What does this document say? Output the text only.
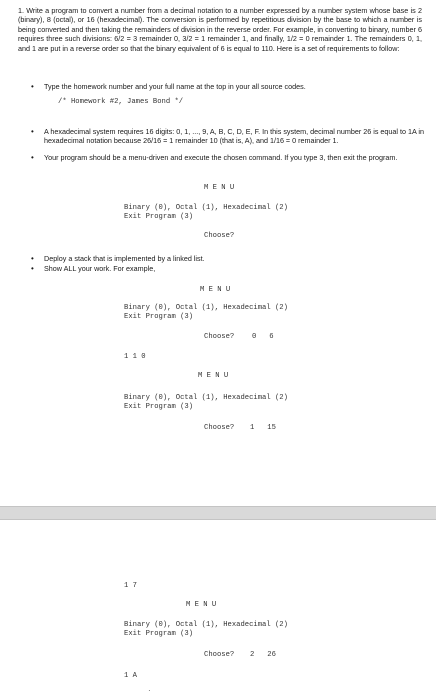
1. Write a program to convert a number from a decimal notation to a number expressed by a number system whose base is 2 (binary), 8 (octal), or 16 (hexadecimal). The conversion is performed by repetitious division by the base to which a number is being converted and then taking the remainders of division in the reverse order. For example, in converting to binary, number 6 requires three such divisions: 6/2 = 3 remainder 0, 3/2 = 1 remainder 1, and finally, 1/2 = 0 remainder 1. The remainders 0, 1, and 1 are put in a reverse order so that the binary equivalent of 6 is equal to 110. Here is a set of requirements to follow:
• Type the homework number and your full name at the top in your all source codes.
/* Homework #2, James Bond */
• A hexadecimal system requires 16 digits: 0, 1, ..., 9, A, B, C, D, E, F. In this system, decimal number 26 is equal to 1A in hexadecimal notation because 26/16 = 1 remainder 10 (that is, A), and 1/16 = 0 remainder 1.
• Your program should be a menu-driven and execute the chosen command. If you type 3, then exit the program.
M E N U
Binary (0), Octal (1), Hexadecimal (2)
Exit Program (3)
Choose?
• Deploy a stack that is implemented by a linked list.
• Show ALL your work. For example,
M E N U
Binary (0), Octal (1), Hexadecimal (2)
Exit Program (3)
Choose? 0   6
1 1 0
M E N U
Binary (0), Octal (1), Hexadecimal (2)
Exit Program (3)
Choose? 1   15
1 7
M E N U
Binary (0), Octal (1), Hexadecimal (2)
Exit Program (3)
Choose? 2   26
1 A
·
